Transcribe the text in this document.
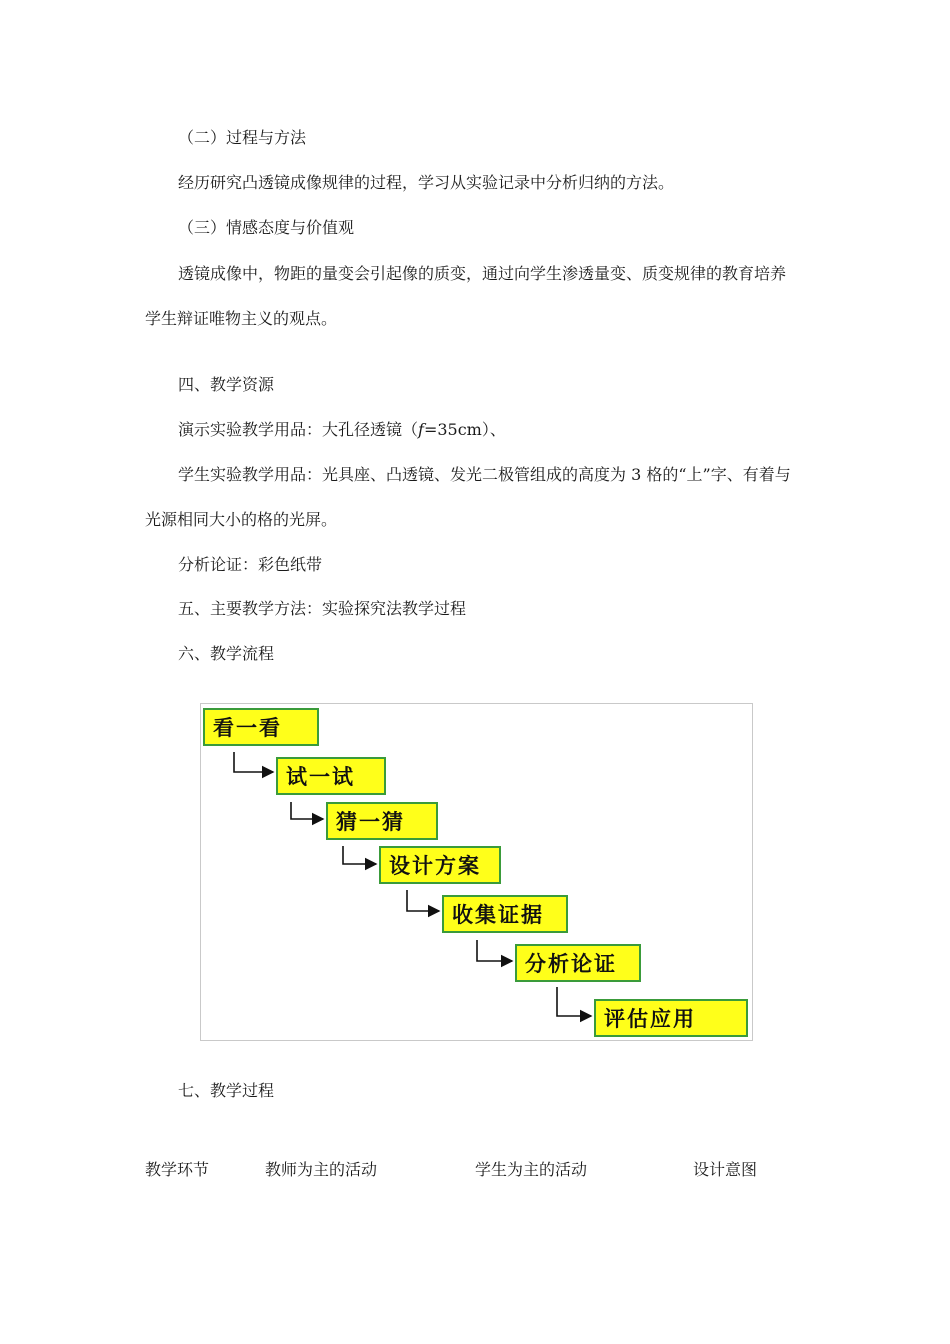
（二）过程与方法
经历研究凸透镜成像规律的过程，学习从实验记录中分析归纳的方法。
（三）情感态度与价值观
透镜成像中，物距的量变会引起像的质变，通过向学生渗透量变、质变规律的教育培养
学生辩证唯物主义的观点。
四、教学资源
演示实验教学用品：大孔径透镜（f=35cm）、
学生实验教学用品：光具座、凸透镜、发光二极管组成的高度为 3 格的“上”字、有着与
光源相同大小的格的光屏。
分析论证：彩色纸带
五、主要教学方法：实验探究法教学过程
六、教学流程
看一看
试一试
猜一猜
设计方案
收集证据
分析论证
评估应用
七、教学过程
教学环节	教师为主的活动	学生为主的活动	设计意图
